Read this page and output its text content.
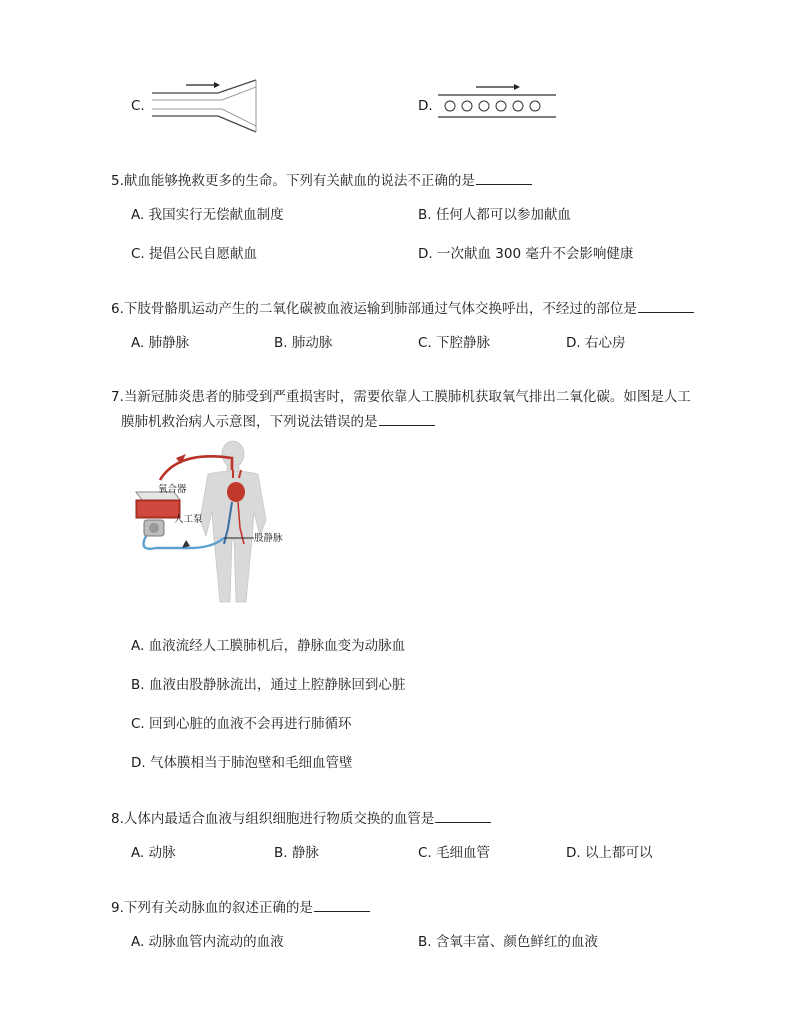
C.	D.
5.献血能够挽救更多的生命。下列有关献血的说法不正确的是
A. 我国实行无偿献血制度	B. 任何人都可以参加献血
C. 提倡公民自愿献血	D. 一次献血 300 毫升不会影响健康
6.下肢骨骼肌运动产生的二氧化碳被血液运输到肺部通过气体交换呼出，不经过的部位是
A. 肺静脉	B. 肺动脉	C. 下腔静脉	D. 右心房
7.当新冠肺炎患者的肺受到严重损害时，需要依靠人工膜肺机获取氧气排出二氧化碳。如图是人工
膜肺机救治病人示意图，下列说法错误的是
氧合器
人工泵
股静脉
A. 血液流经人工膜肺机后，静脉血变为动脉血
B. 血液由股静脉流出，通过上腔静脉回到心脏
C. 回到心脏的血液不会再进行肺循环
D. 气体膜相当于肺泡壁和毛细血管壁
8.人体内最适合血液与组织细胞进行物质交换的血管是
A. 动脉	B. 静脉	C. 毛细血管	D. 以上都可以
9.下列有关动脉血的叙述正确的是
A. 动脉血管内流动的血液	B. 含氧丰富、颜色鲜红的血液
